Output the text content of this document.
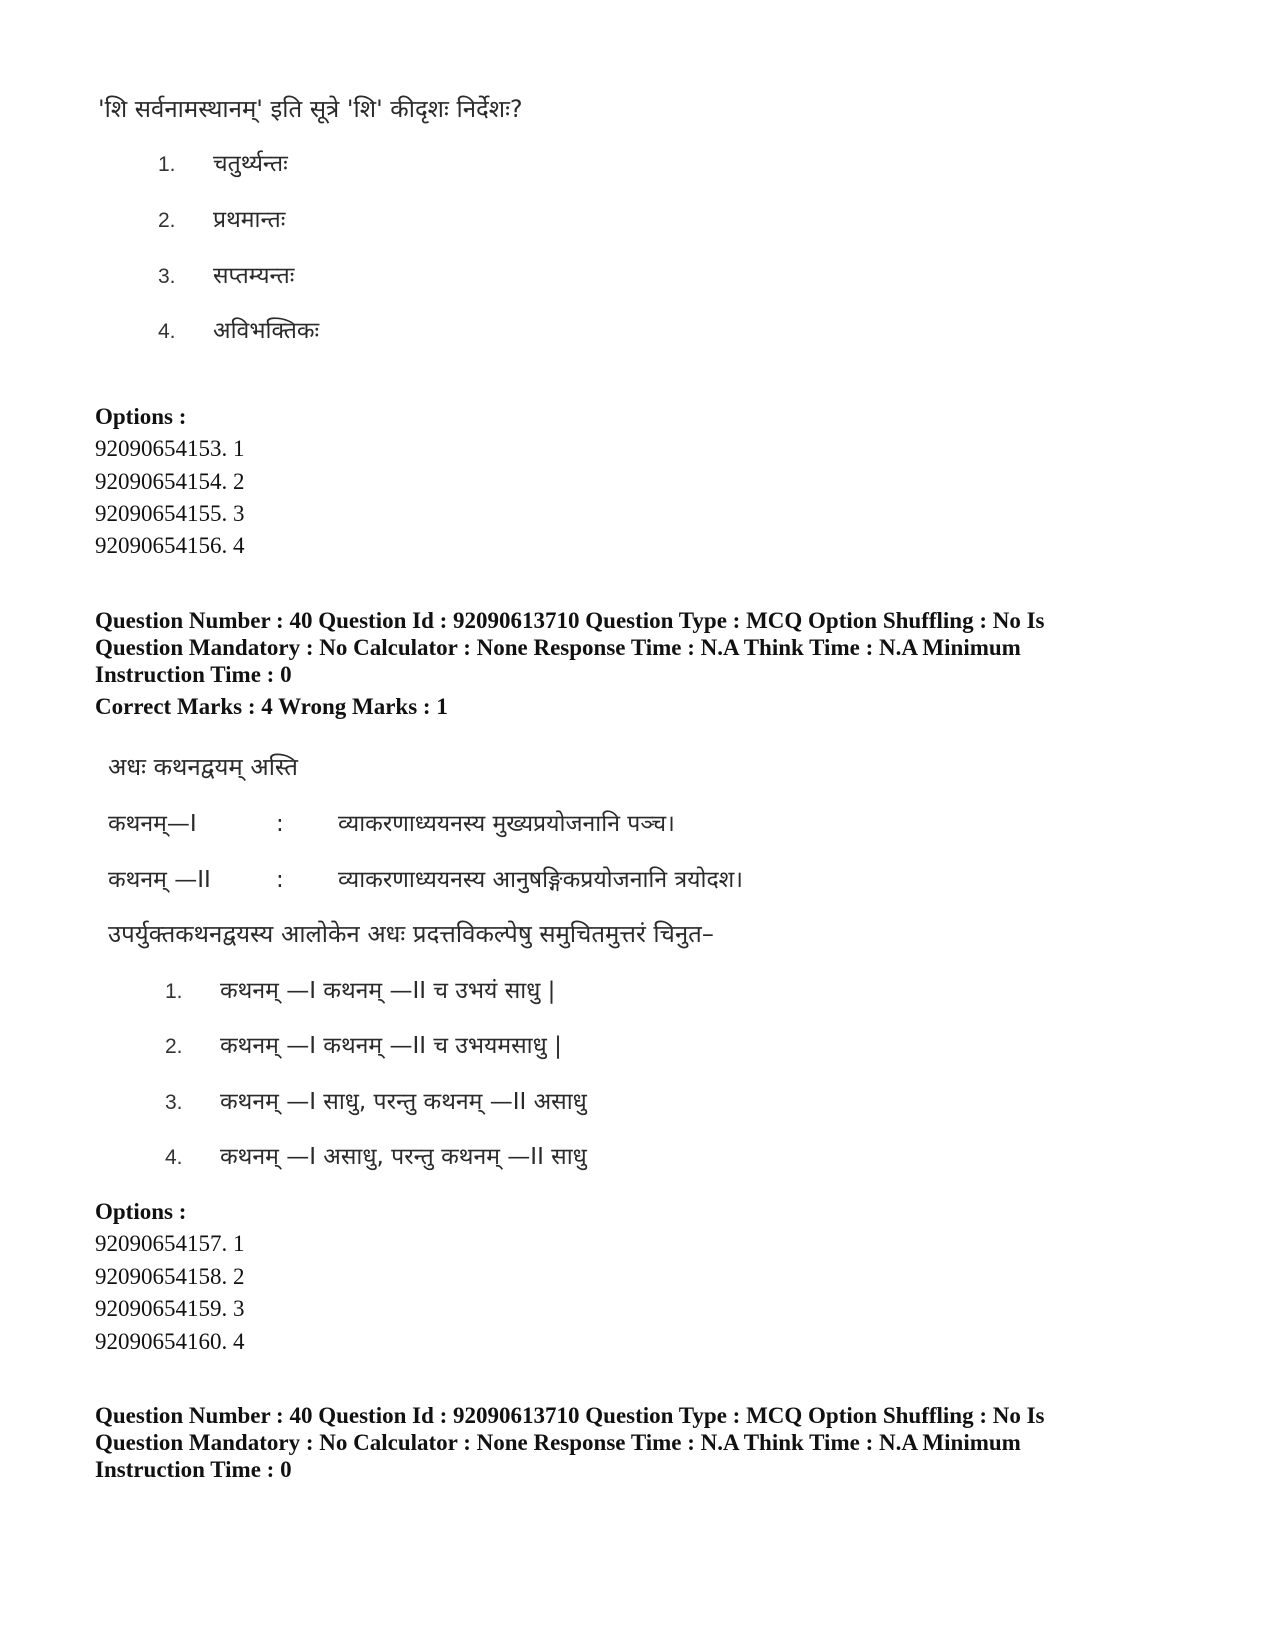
'शि सर्वनामस्थानम्' इति सूत्रे 'शि' कीदृशः निर्देशः?
1. चतुर्थ्यन्तः
2. प्रथमान्तः
3. सप्तम्यन्तः
4. अविभक्तिकः
Options :
92090654153. 1
92090654154. 2
92090654155. 3
92090654156. 4
Question Number : 40 Question Id : 92090613710 Question Type : MCQ Option Shuffling : No Is
Question Mandatory : No Calculator : None Response Time : N.A Think Time : N.A Minimum
Instruction Time : 0
Correct Marks : 4 Wrong Marks : 1
अधः कथनद्वयम् अस्ति
कथनम्—I	: व्याकरणाध्ययनस्य मुख्यप्रयोजनानि पञ्च।
कथनम् —II	: व्याकरणाध्ययनस्य आनुषङ्गिकप्रयोजनानि त्रयोदश।
उपर्युक्तकथनद्वयस्य आलोकेन अधः प्रदत्तविकल्पेषु समुचितमुत्तरं चिनुत–
1. कथनम् —I कथनम् —II च उभयं साधु |
2. कथनम् —I कथनम् —II च उभयमसाधु |
3. कथनम् —I साधु, परन्तु कथनम् —II असाधु
4. कथनम् —I असाधु, परन्तु कथनम् —II साधु
Options :
92090654157. 1
92090654158. 2
92090654159. 3
92090654160. 4
Question Number : 40 Question Id : 92090613710 Question Type : MCQ Option Shuffling : No Is
Question Mandatory : No Calculator : None Response Time : N.A Think Time : N.A Minimum
Instruction Time : 0
